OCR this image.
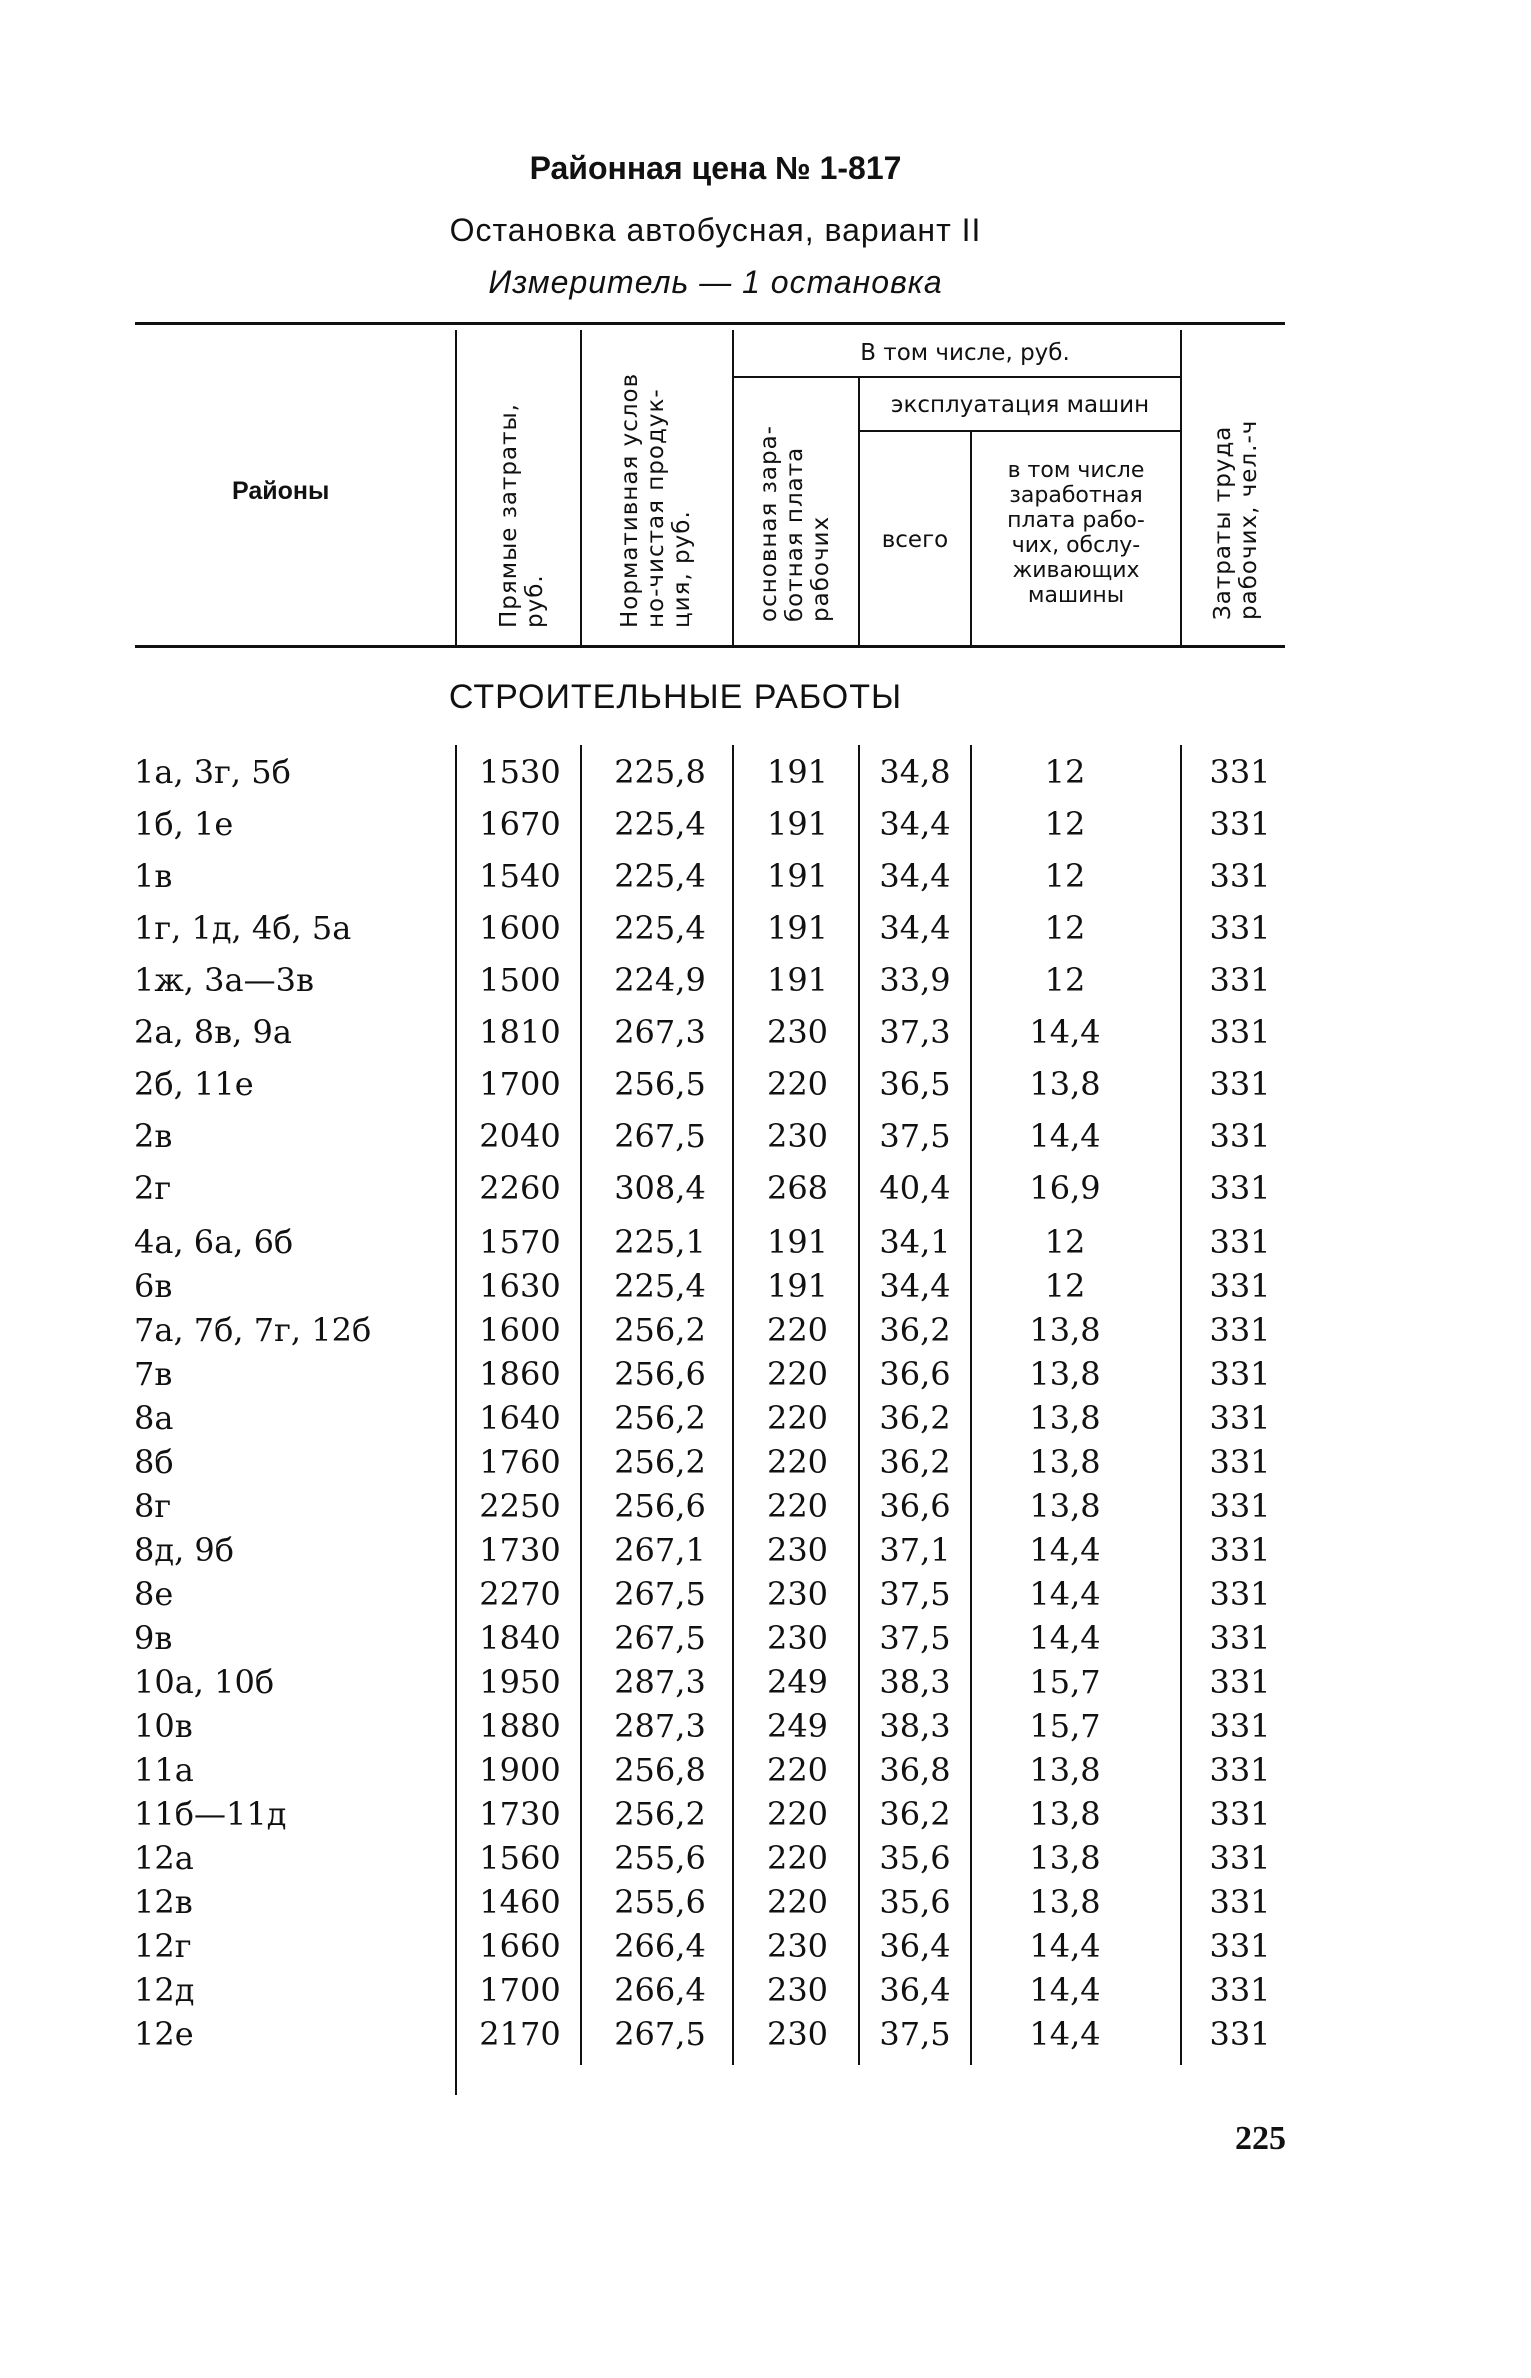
Районная цена № 1-817
Остановка автобусная, вариант II
Измеритель — 1 остановка
Районы	Прямые затраты, руб.	Нормативная услов но-чистая продук- ция, руб.
В том числе, руб.
основная зара- ботная плата рабочих
эксплуатация машин
всего
в том числе
заработная
плата рабо-
чих, обслу-
живающих
машины	Затраты труда рабочих, чел.-ч
СТРОИТЕЛЬНЫЕ РАБОТЫ
1а, 3г, 5б	1530	225,8	191	34,8	12	331
1б, 1е	1670	225,4	191	34,4	12	331
1в	1540	225,4	191	34,4	12	331
1г, 1д, 4б, 5а	1600	225,4	191	34,4	12	331
1ж, 3а—3в	1500	224,9	191	33,9	12	331
2а, 8в, 9а	1810	267,3	230	37,3	14,4	331
2б, 11е	1700	256,5	220	36,5	13,8	331
2в	2040	267,5	230	37,5	14,4	331
2г	2260	308,4	268	40,4	16,9	331
4а, 6а, 6б	1570	225,1	191	34,1	12	331
6в	1630	225,4	191	34,4	12	331
7а, 7б, 7г, 12б	1600	256,2	220	36,2	13,8	331
7в	1860	256,6	220	36,6	13,8	331
8а	1640	256,2	220	36,2	13,8	331
8б	1760	256,2	220	36,2	13,8	331
8г	2250	256,6	220	36,6	13,8	331
8д, 9б	1730	267,1	230	37,1	14,4	331
8е	2270	267,5	230	37,5	14,4	331
9в	1840	267,5	230	37,5	14,4	331
10а, 10б	1950	287,3	249	38,3	15,7	331
10в	1880	287,3	249	38,3	15,7	331
11а	1900	256,8	220	36,8	13,8	331
11б—11д	1730	256,2	220	36,2	13,8	331
12а	1560	255,6	220	35,6	13,8	331
12в	1460	255,6	220	35,6	13,8	331
12г	1660	266,4	230	36,4	14,4	331
12д	1700	266,4	230	36,4	14,4	331
12е	2170	267,5	230	37,5	14,4	331
225
